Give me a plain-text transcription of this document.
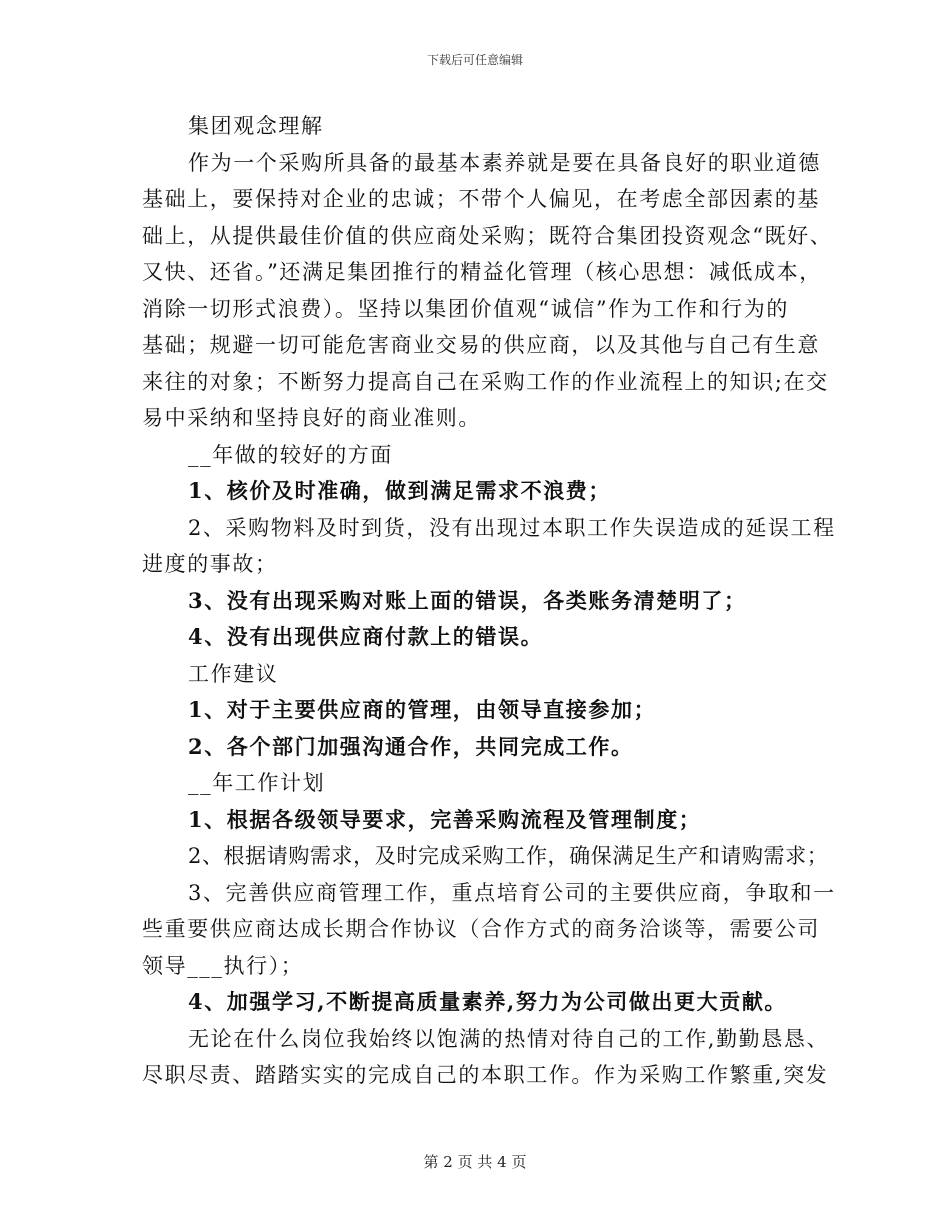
下载后可任意编辑

集团观念理解

作为一个采购所具备的最基本素养就是要在具备良好的职业道德

基础上，要保持对企业的忠诚；不带个人偏见，在考虑全部因素的基

础上，从提供最佳价值的供应商处采购；既符合集团投资观念“既好、

又快、还省。”还满足集团推行的精益化管理（核心思想：减低成本，

消除一切形式浪费）。坚持以集团价值观“诚信”作为工作和行为的

基础；规避一切可能危害商业交易的供应商，以及其他与自己有生意

来往的对象；不断努力提高自己在采购工作的作业流程上的知识;在交

易中采纳和坚持良好的商业准则。

__年做的较好的方面

1、核价及时准确，做到满足需求不浪费；

2、采购物料及时到货，没有出现过本职工作失误造成的延误工程

进度的事故；

3、没有出现采购对账上面的错误，各类账务清楚明了；

4、没有出现供应商付款上的错误。

工作建议

1、对于主要供应商的管理，由领导直接参加；

2、各个部门加强沟通合作，共同完成工作。

__年工作计划

1、根据各级领导要求，完善采购流程及管理制度；

2、根据请购需求，及时完成采购工作，确保满足生产和请购需求；

3、完善供应商管理工作，重点培育公司的主要供应商，争取和一

些重要供应商达成长期合作协议（合作方式的商务洽谈等，需要公司

领导___执行）；

4、加强学习,不断提高质量素养,努力为公司做出更大贡献。

无论在什么岗位我始终以饱满的热情对待自己的工作,勤勤恳恳、

尽职尽责、踏踏实实的完成自己的本职工作。作为采购工作繁重,突发

第 2 页 共 4 页
